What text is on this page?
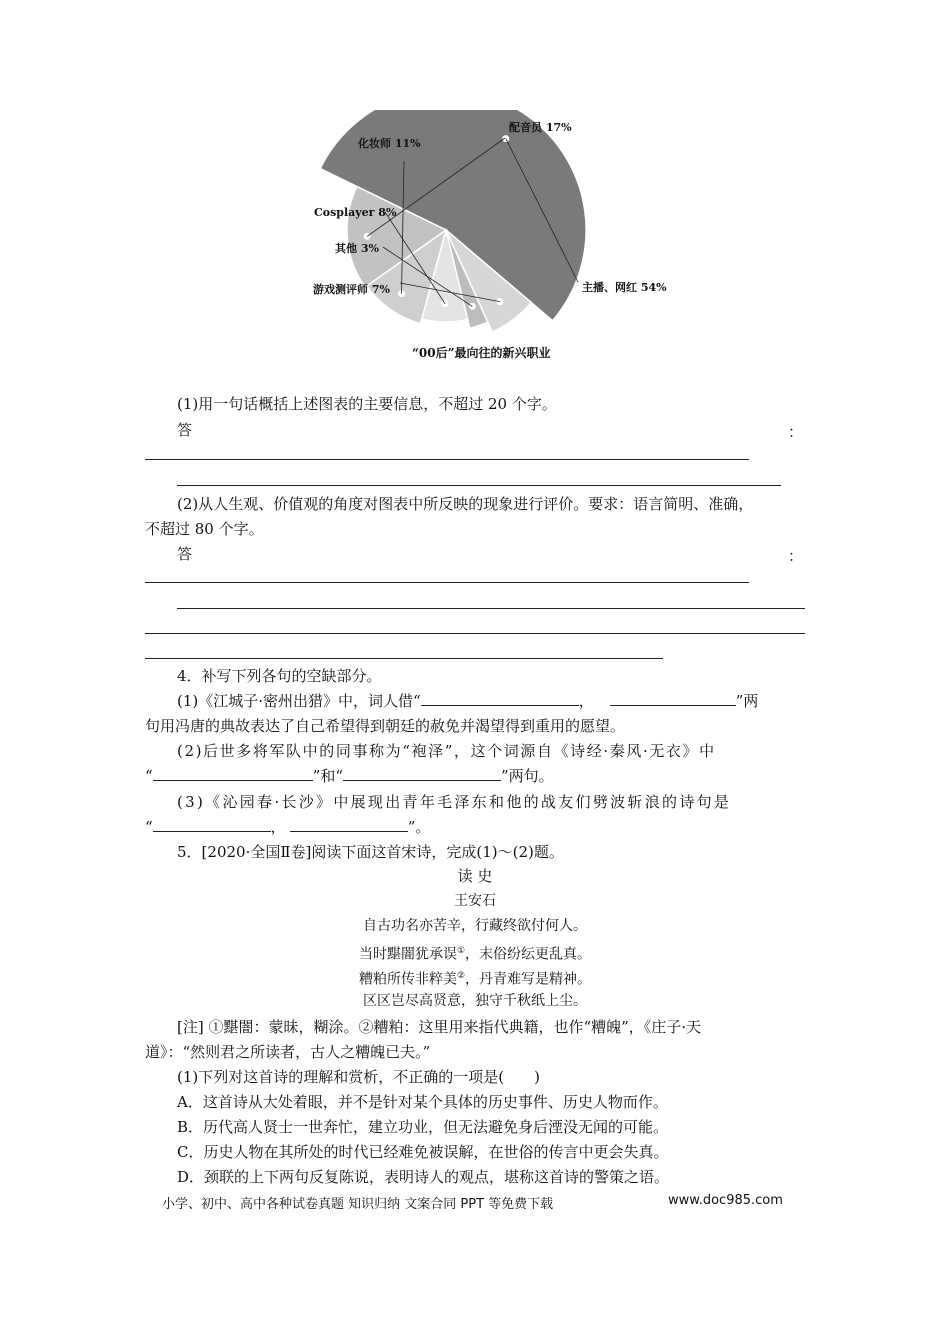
主播、网红 54%
游戏测评师 7%
其他 3%
Cosplayer 8%
化妆师 11%
配音员 17%
“00后”最向往的新兴职业
(1)用一句话概括上述图表的主要信息，不超过 20 个字。
答	：
(2)从人生观、价值观的角度对图表中所反映的现象进行评价。要求：语言简明、准确，
不超过 80 个字。
答	：
4．补写下列各句的空缺部分。
(1)《江城子·密州出猎》中，词人借“	，	”两
句用冯唐的典故表达了自己希望得到朝廷的赦免并渴望得到重用的愿望。
(2)后世多将军队中的同事称为“袍泽”，这个词源自《诗经·秦风·无衣》中
“	”和“	”两句。
(3)《沁园春·长沙》中展现出青年毛泽东和他的战友们劈波斩浪的诗句是
“	，	”。
5．[2020·全国Ⅱ卷]阅读下面这首宋诗，完成(1)～(2)题。
读 史
王安石
自古功名亦苦辛，行藏终欲付何人。
当时黮闇犹承误①，末俗纷纭更乱真。
糟粕所传非粹美②，丹青难写是精神。
区区岂尽高贤意，独守千秋纸上尘。
[注] ①黮闇：蒙昧，糊涂。②糟粕：这里用来指代典籍，也作“糟魄”，《庄子·天
道》：“然则君之所读者，古人之糟魄已夫。”
(1)下列对这首诗的理解和赏析，不正确的一项是(　　)
A．这首诗从大处着眼，并不是针对某个具体的历史事件、历史人物而作。
B．历代高人贤士一世奔忙，建立功业，但无法避免身后湮没无闻的可能。
C．历史人物在其所处的时代已经难免被误解，在世俗的传言中更会失真。
D．颈联的上下两句反复陈说，表明诗人的观点，堪称这首诗的警策之语。
小学、初中、高中各种试卷真题 知识归纳 文案合同 PPT 等免费下载	www.doc985.com
